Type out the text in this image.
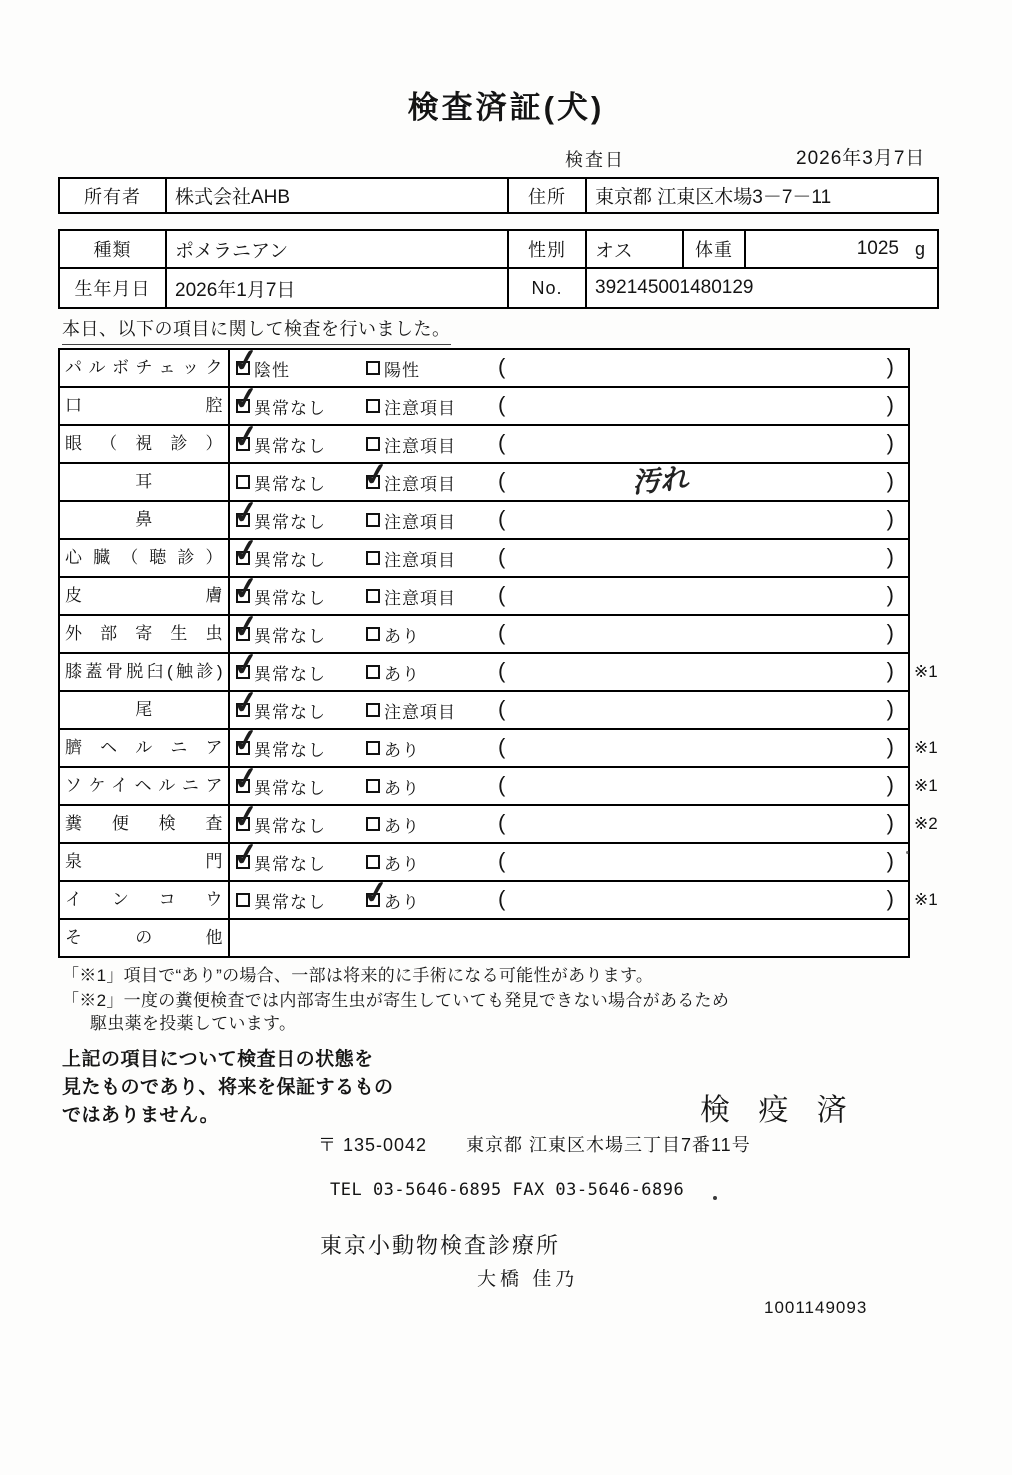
検査済証(犬)
検査日	2026年3月7日
所有者	株式会社AHB	住所	東京都 江東区木場3－7－11
種類	ポメラニアン	性別	オス	体重	1025 g
生年月日	2026年1月7日	No.	392145001480129
本日、以下の項目に関して検査を行いました。
パルボチェック ✓	陰性	陽性	(	)
口腔 ✓	異常なし	注意項目 (	)
眼（視診） ✓	異常なし	注意項目 (	)
耳	異常なし ✓	注意項目 (	汚れ	)
鼻 ✓	異常なし	注意項目 (	)
心臓（聴診） ✓	異常なし	注意項目 (	)
皮膚 ✓	異常なし	注意項目 (	)
外部寄生虫 ✓	異常なし	あり	(	)
膝蓋骨脱臼(触診) ✓	異常なし	あり	(	) ※1
尾 ✓	異常なし	注意項目 (	)
臍ヘルニア ✓	異常なし	あり	(	) ※1
ソケイヘルニア ✓	異常なし	あり	(	) ※1
糞便検査 ✓	異常なし	あり	(	) ※2
泉門 ✓	異常なし	あり	(	)
インコウ	異常なし ✓	あり	(	) ※1
その他
「※1」項目で“あり”の場合、一部は将来的に手術になる可能性があります。
「※2」一度の糞便検査では内部寄生虫が寄生していても発見できない場合があるため
駆虫薬を投薬しています。
上記の項目について検査日の状態を
見たものであり、将来を保証するもの
ではありません。	検 疫 済
〒 135-0042 東京都 江東区木場三丁目7番11号
TEL 03-5646-6895 FAX 03-5646-6896
東京小動物検査診療所
大橋 佳乃
1001149093
